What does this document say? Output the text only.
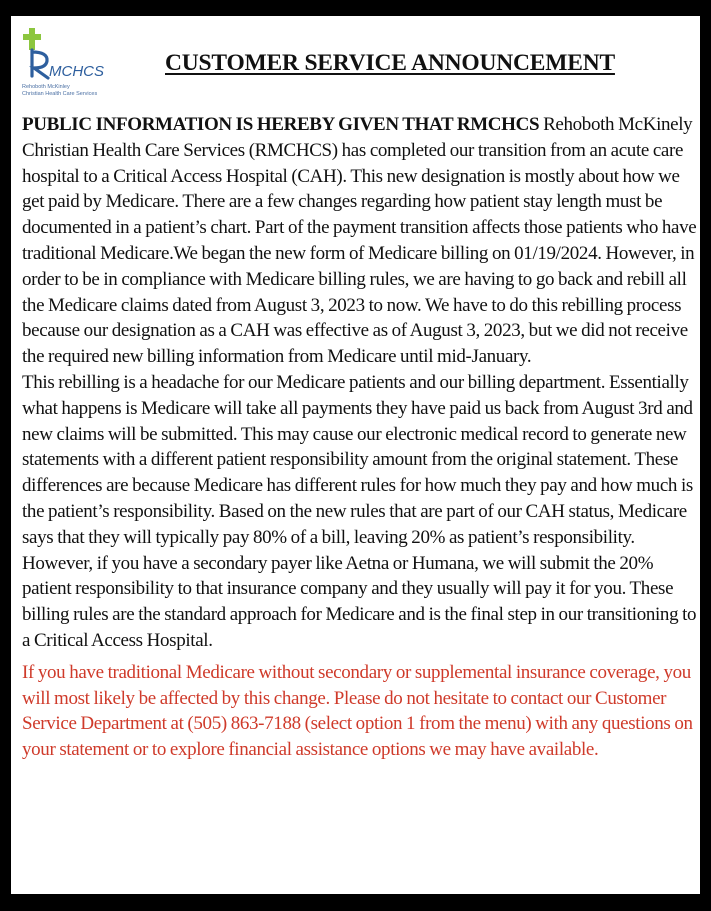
MCHCS
Rehoboth McKinley
Christian Health Care Services
CUSTOMER SERVICE ANNOUNCEMENT

PUBLIC INFORMATION IS HEREBY GIVEN THAT RMCHCS Rehoboth McKinely Christian Health Care Services (RMCHCS) has completed our transition from an acute care hospital to a Critical Access Hospital (CAH). This new designation is mostly about how we get paid by Medicare. There are a few changes regarding how patient stay length must be documented in a patient’s chart. Part of the payment transition affects those patients who have traditional Medicare.We began the new form of Medicare billing on 01/19/2024. However, in order to be in compliance with Medicare billing rules, we are having to go back and rebill all the Medicare claims dated from August 3, 2023 to now. We have to do this rebilling process because our designation as a CAH was effective as of August 3, 2023, but we did not receive the required new billing information from Medicare until mid-January.

This rebilling is a headache for our Medicare patients and our billing department. Essentially what happens is Medicare will take all payments they have paid us back from August 3rd and new claims will be submitted. This may cause our electronic medical record to generate new statements with a different patient responsibility amount from the original statement. These differences are because Medicare has different rules for how much they pay and how much is the patient’s responsibility. Based on the new rules that are part of our CAH status, Medicare says that they will typically pay 80% of a bill, leaving 20% as patient’s responsibility. However, if you have a secondary payer like Aetna or Humana, we will submit the 20% patient responsibility to that insurance company and they usually will pay it for you. These billing rules are the standard approach for Medicare and is the final step in our transitioning to a Critical Access Hospital.

If you have traditional Medicare without secondary or supplemental insurance coverage, you will most likely be affected by this change. Please do not hesitate to contact our Customer Service Department at (505) 863-7188 (select option 1 from the menu) with any questions on your statement or to explore financial assistance options we may have available.
